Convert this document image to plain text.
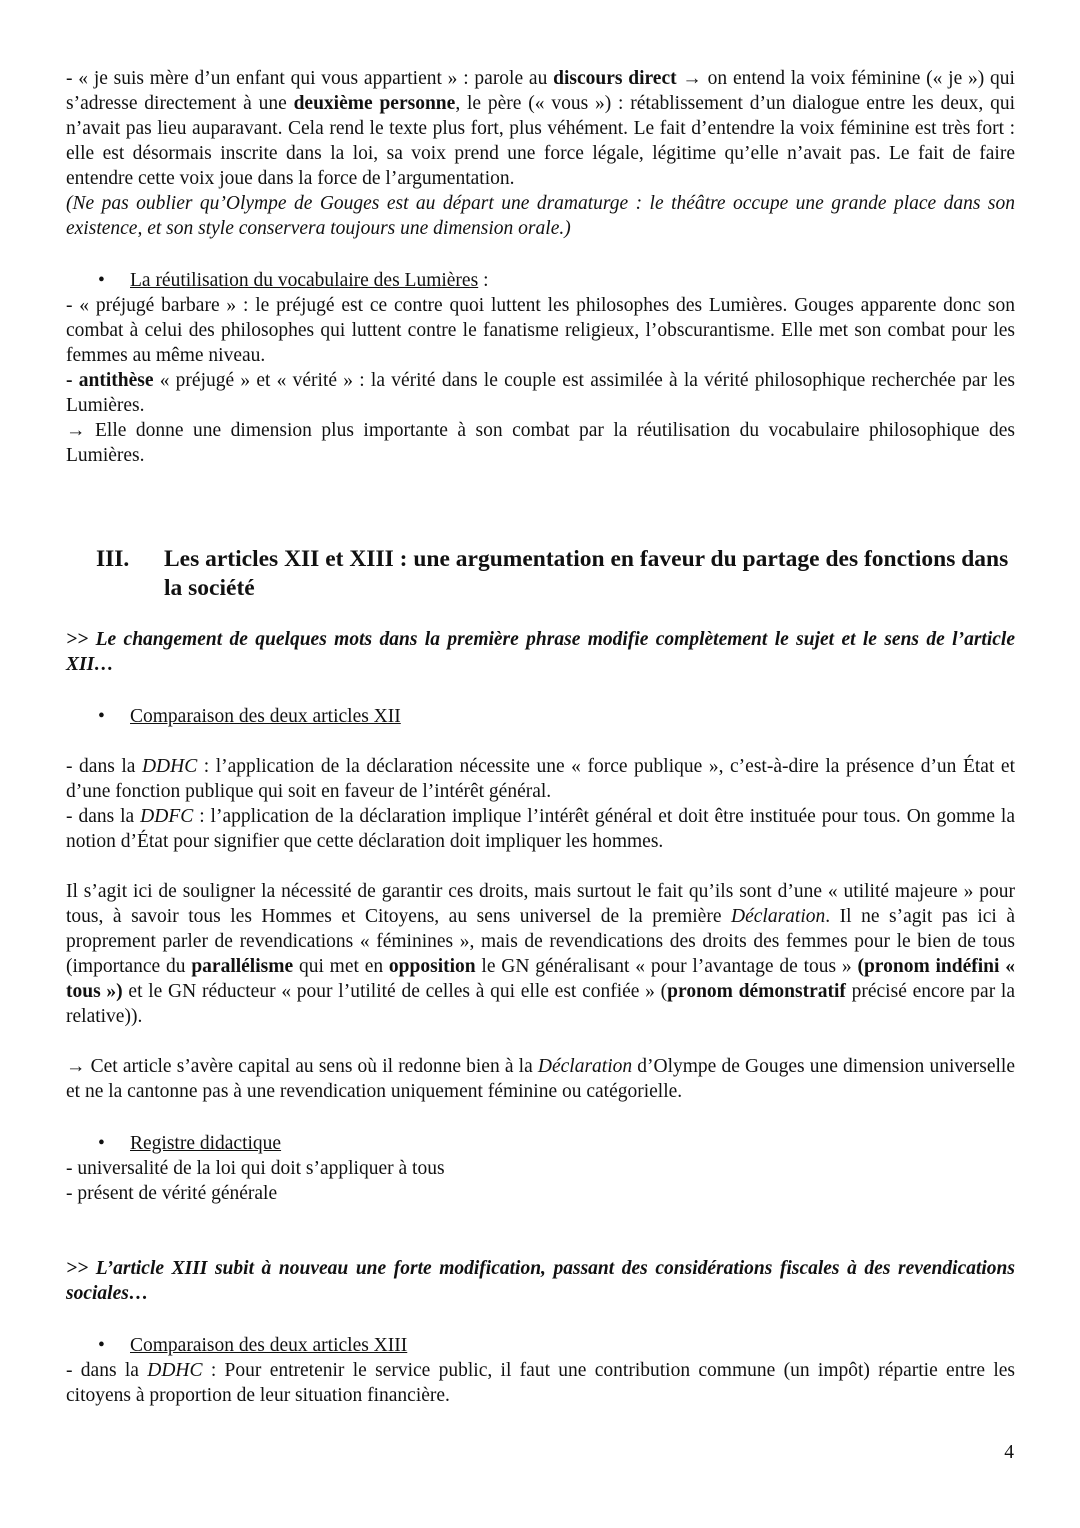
- « je suis mère d’un enfant qui vous appartient » : parole au discours direct → on entend la voix féminine (« je ») qui s’adresse directement à une deuxième personne, le père (« vous ») : rétablissement d’un dialogue entre les deux, qui n’avait pas lieu auparavant. Cela rend le texte plus fort, plus véhément. Le fait d’entendre la voix féminine est très fort : elle est désormais inscrite dans la loi, sa voix prend une force légale, légitime qu’elle n’avait pas. Le fait de faire entendre cette voix joue dans la force de l’argumentation.

(Ne pas oublier qu’Olympe de Gouges est au départ une dramaturge : le théâtre occupe une grande place dans son existence, et son style conservera toujours une dimension orale.)

• La réutilisation du vocabulaire des Lumières :

- « préjugé barbare » : le préjugé est ce contre quoi luttent les philosophes des Lumières. Gouges apparente donc son combat à celui des philosophes qui luttent contre le fanatisme religieux, l’obscurantisme. Elle met son combat pour les femmes au même niveau.

- antithèse « préjugé » et « vérité » : la vérité dans le couple est assimilée à la vérité philosophique recherchée par les Lumières.

→ Elle donne une dimension plus importante à son combat par la réutilisation du vocabulaire philosophique des Lumières.

III. Les articles XII et XIII : une argumentation en faveur du partage des fonctions dans la société

>> Le changement de quelques mots dans la première phrase modifie complètement le sujet et le sens de l’article XII…

• Comparaison des deux articles XII

- dans la DDHC : l’application de la déclaration nécessite une « force publique », c’est-à-dire la présence d’un État et d’une fonction publique qui soit en faveur de l’intérêt général.

- dans la DDFC : l’application de la déclaration implique l’intérêt général et doit être instituée pour tous. On gomme la notion d’État pour signifier que cette déclaration doit impliquer les hommes.

Il s’agit ici de souligner la nécessité de garantir ces droits, mais surtout le fait qu’ils sont d’une « utilité majeure » pour tous, à savoir tous les Hommes et Citoyens, au sens universel de la première Déclaration. Il ne s’agit pas ici à proprement parler de revendications « féminines », mais de revendications des droits des femmes pour le bien de tous (importance du parallélisme qui met en opposition le GN généralisant « pour l’avantage de tous » (pronom indéfini « tous ») et le GN réducteur « pour l’utilité de celles à qui elle est confiée » (pronom démonstratif précisé encore par la relative)).

→ Cet article s’avère capital au sens où il redonne bien à la Déclaration d’Olympe de Gouges une dimension universelle et ne la cantonne pas à une revendication uniquement féminine ou catégorielle.

• Registre didactique

- universalité de la loi qui doit s’appliquer à tous

- présent de vérité générale

>> L’article XIII subit à nouveau une forte modification, passant des considérations fiscales à des revendications sociales…

• Comparaison des deux articles XIII

- dans la DDHC : Pour entretenir le service public, il faut une contribution commune (un impôt) répartie entre les citoyens à proportion de leur situation financière.

4
